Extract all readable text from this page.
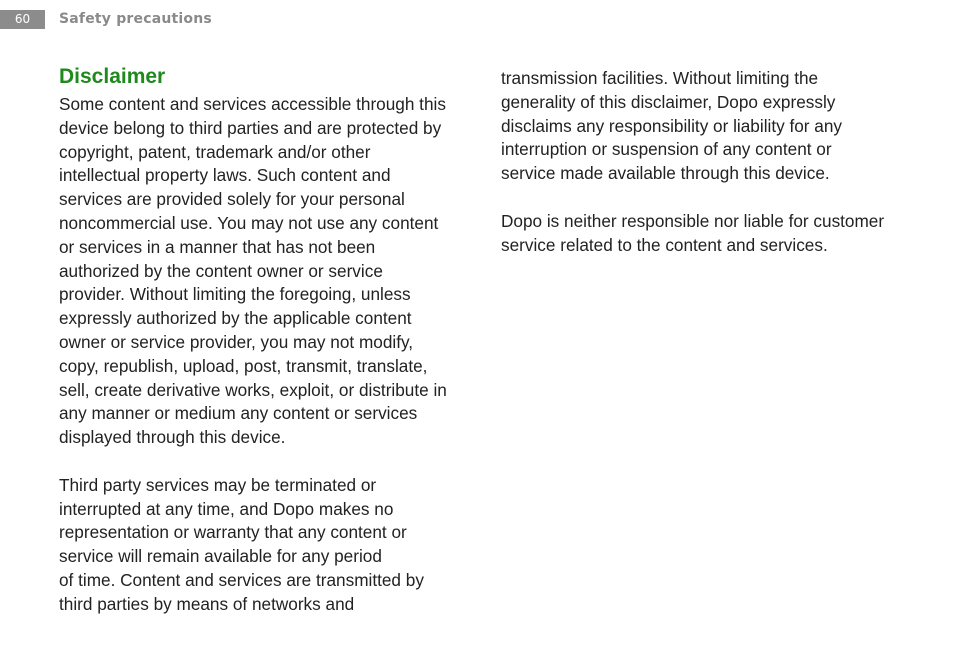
60	Safety precautions
Disclaimer
Some content and services accessible through this
device belong to third parties and are protected by
copyright, patent, trademark and/or other
intellectual property laws. Such content and
services are provided solely for your personal
noncommercial use. You may not use any content
or services in a manner that has not been
authorized by the content owner or service
provider. Without limiting the foregoing, unless
expressly authorized by the applicable content
owner or service provider, you may not modify,
copy, republish, upload, post, transmit, translate,
sell, create derivative works, exploit, or distribute in
any manner or medium any content or services
displayed through this device.
Third party services may be terminated or
interrupted at any time, and Dopo makes no
representation or warranty that any content or
service will remain available for any period
of time. Content and services are transmitted by
third parties by means of networks and
transmission facilities. Without limiting the
generality of this disclaimer, Dopo expressly
disclaims any responsibility or liability for any
interruption or suspension of any content or
service made available through this device.
Dopo is neither responsible nor liable for customer
service related to the content and services.
